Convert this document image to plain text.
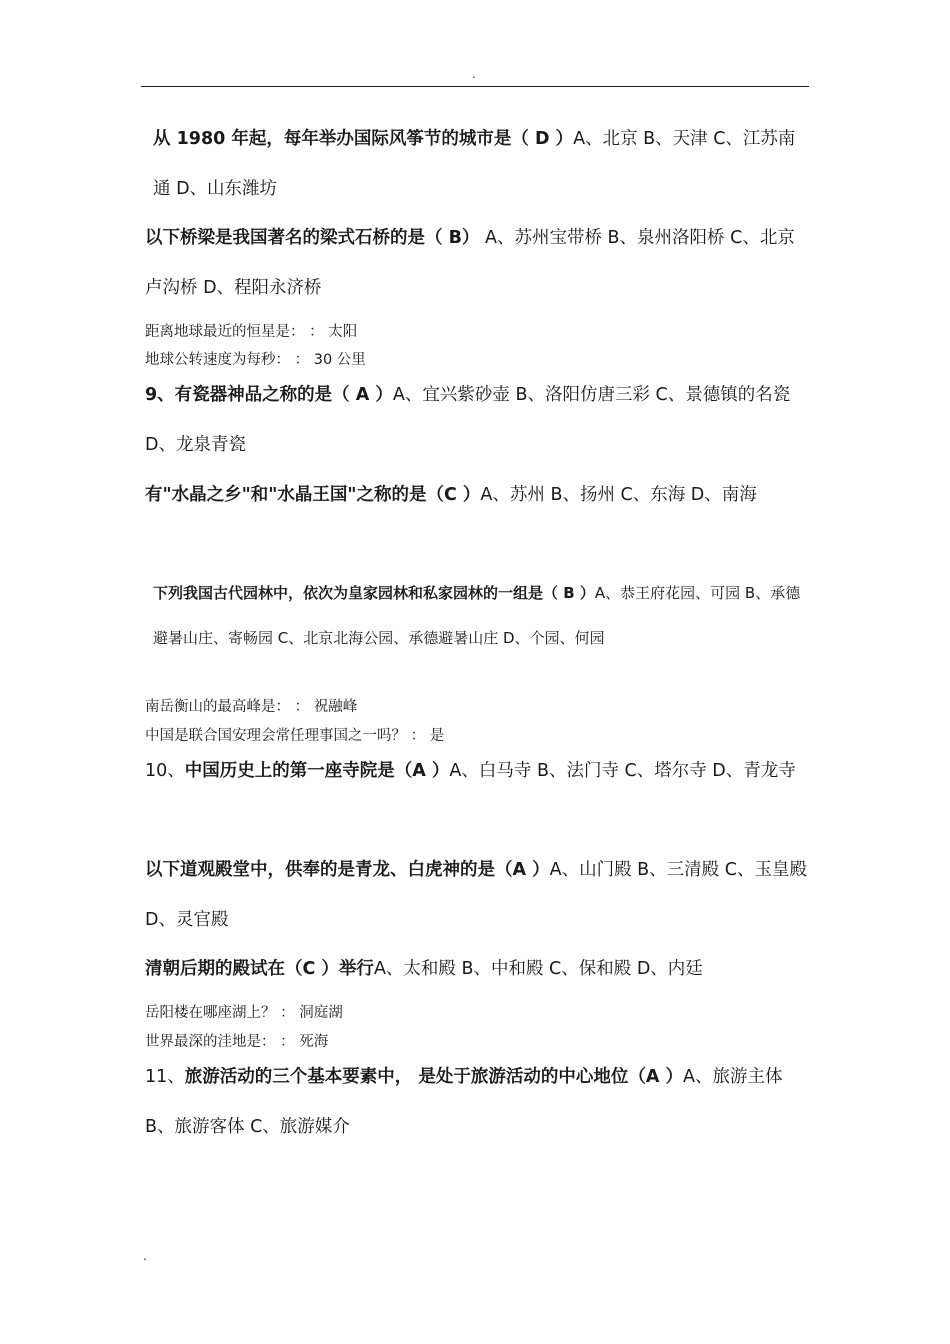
.

从 1980 年起，每年举办国际风筝节的城市是（ D ）A、北京 B、天津 C、江苏南通 D、山东潍坊

以下桥梁是我国著名的梁式石桥的是（ B） A、苏州宝带桥 B、泉州洛阳桥 C、北京卢沟桥 D、程阳永济桥

距离地球最近的恒星是： ： 太阳

地球公转速度为每秒： ： 30 公里

9、有瓷器神品之称的是（ A ）A、宜兴紫砂壶 B、洛阳仿唐三彩 C、景德镇的名瓷 D、龙泉青瓷

有"水晶之乡"和"水晶王国"之称的是（C ）A、苏州 B、扬州 C、东海 D、南海

下列我国古代园林中，依次为皇家园林和私家园林的一组是（ B ）A、恭王府花园、可园 B、承德避暑山庄、寄畅园 C、北京北海公园、承德避暑山庄 D、个园、何园

南岳衡山的最高峰是： ： 祝融峰

中国是联合国安理会常任理事国之一吗？ ： 是

10、中国历史上的第一座寺院是（A ）A、白马寺 B、法门寺 C、塔尔寺 D、青龙寺

以下道观殿堂中，供奉的是青龙、白虎神的是（A ）A、山门殿 B、三清殿 C、玉皇殿 D、灵官殿

清朝后期的殿试在（C ）举行A、太和殿 B、中和殿 C、保和殿 D、内廷

岳阳楼在哪座湖上？ ： 洞庭湖

世界最深的洼地是： ： 死海

11、旅游活动的三个基本要素中， 是处于旅游活动的中心地位（A ）A、旅游主体 B、旅游客体 C、旅游媒介

.
